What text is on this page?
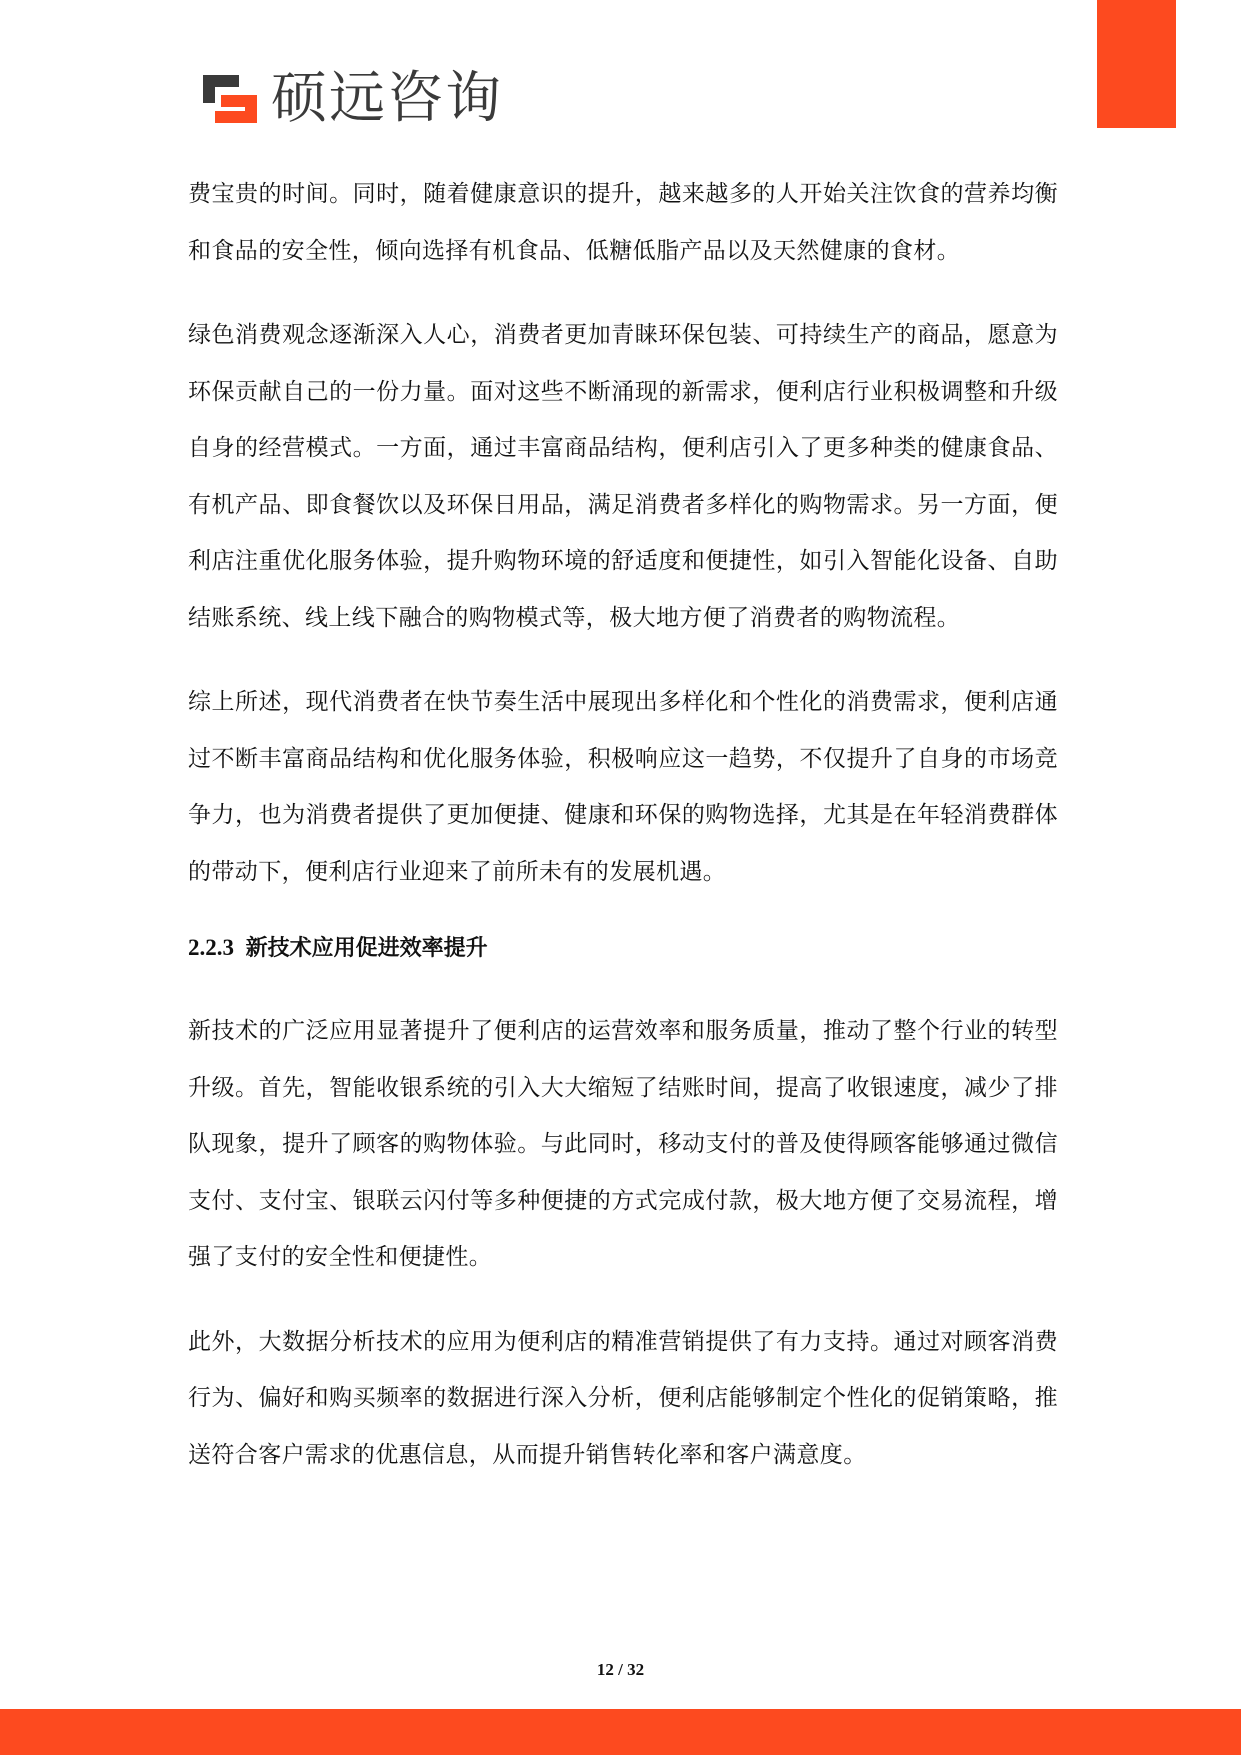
硕远咨询

费宝贵的时间。同时，随着健康意识的提升，越来越多的人开始关注饮食的营养均衡和食品的安全性，倾向选择有机食品、低糖低脂产品以及天然健康的食材。

绿色消费观念逐渐深入人心，消费者更加青睐环保包装、可持续生产的商品，愿意为环保贡献自己的一份力量。面对这些不断涌现的新需求，便利店行业积极调整和升级自身的经营模式。一方面，通过丰富商品结构，便利店引入了更多种类的健康食品、有机产品、即食餐饮以及环保日用品，满足消费者多样化的购物需求。另一方面，便利店注重优化服务体验，提升购物环境的舒适度和便捷性，如引入智能化设备、自助结账系统、线上线下融合的购物模式等，极大地方便了消费者的购物流程。

综上所述，现代消费者在快节奏生活中展现出多样化和个性化的消费需求，便利店通过不断丰富商品结构和优化服务体验，积极响应这一趋势，不仅提升了自身的市场竞争力，也为消费者提供了更加便捷、健康和环保的购物选择，尤其是在年轻消费群体的带动下，便利店行业迎来了前所未有的发展机遇。

2.2.3 新技术应用促进效率提升

新技术的广泛应用显著提升了便利店的运营效率和服务质量，推动了整个行业的转型升级。首先，智能收银系统的引入大大缩短了结账时间，提高了收银速度，减少了排队现象，提升了顾客的购物体验。与此同时，移动支付的普及使得顾客能够通过微信支付、支付宝、银联云闪付等多种便捷的方式完成付款，极大地方便了交易流程，增强了支付的安全性和便捷性。

此外，大数据分析技术的应用为便利店的精准营销提供了有力支持。通过对顾客消费行为、偏好和购买频率的数据进行深入分析，便利店能够制定个性化的促销策略，推送符合客户需求的优惠信息，从而提升销售转化率和客户满意度。

12 / 32
